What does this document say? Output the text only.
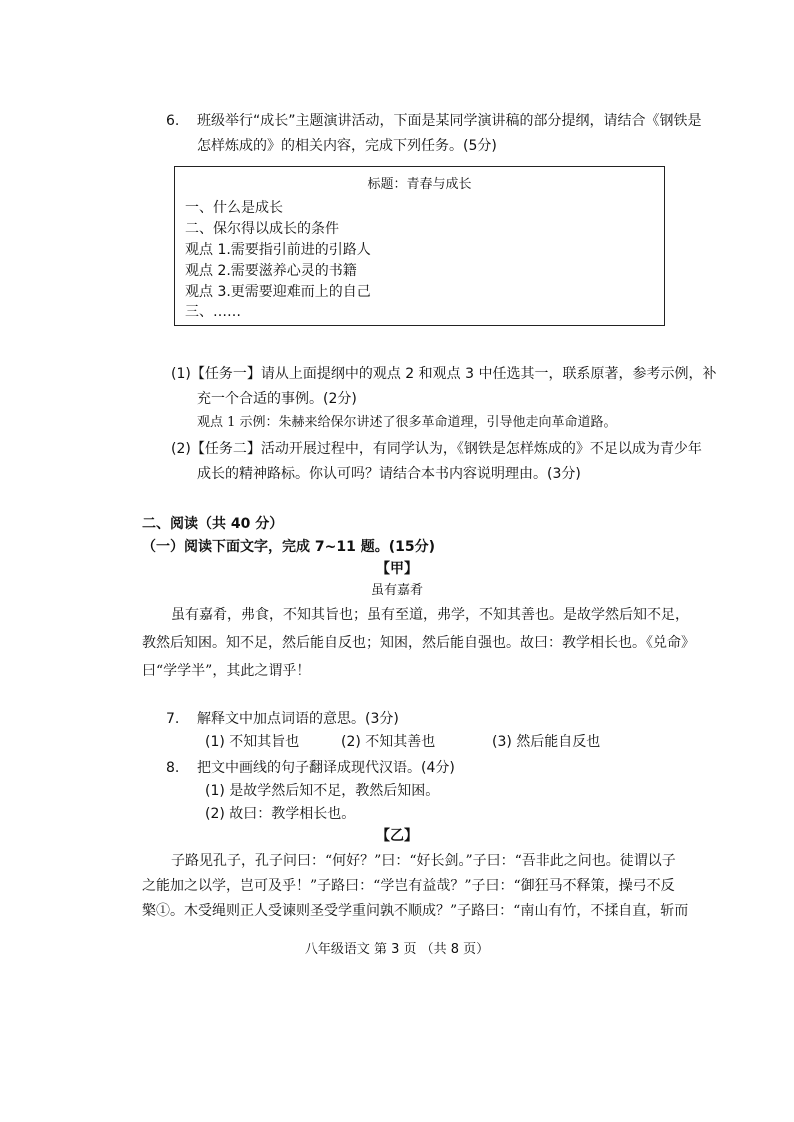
6. 班级举行“成长”主题演讲活动，下面是某同学演讲稿的部分提纲，请结合《钢铁是
怎样炼成的》的相关内容，完成下列任务。(5分)
标题：青春与成长
一、什么是成长
二、保尔得以成长的条件
观点 1.需要指引前进的引路人
观点 2.需要滋养心灵的书籍
观点 3.更需要迎难而上的自己
三、……
(1)【任务一】请从上面提纲中的观点 2 和观点 3 中任选其一，联系原著，参考示例，补
充一个合适的事例。(2分)
观点 1 示例：朱赫来给保尔讲述了很多革命道理，引导他走向革命道路。
(2)【任务二】活动开展过程中，有同学认为，《钢铁是怎样炼成的》不足以成为青少年
成长的精神路标。你认可吗？请结合本书内容说明理由。(3分)
二、阅读（共 40 分）
（一）阅读下面文字，完成 7~11 题。(15分)
【甲】
虽有嘉肴
虽有嘉肴，弗食，不知其旨也；虽有至道，弗学，不知其善也。是故学然后知不足，
教然后知困。知不足，然后能自反也；知困，然后能自强也。故曰：教学相长也。《兑命》
曰“学学半”，其此之谓乎！
7. 解释文中加点词语的意思。(3分)
(1) 不知其旨也	(2) 不知其善也	(3) 然后能自反也
8. 把文中画线的句子翻译成现代汉语。(4分)
(1) 是故学然后知不足，教然后知困。
(2) 故曰：教学相长也。
【乙】
子路见孔子，孔子问曰：“何好？”曰：“好长剑。”子曰：“吾非此之问也。徒谓以子
之能加之以学，岂可及乎！”子路曰：“学岂有益哉？”子曰：“御狂马不释策，操弓不反
檠①。木受绳则正人受谏则圣受学重问孰不顺成？”子路曰：“南山有竹，不揉自直，斩而
八年级语文 第 3 页 （共 8 页）
